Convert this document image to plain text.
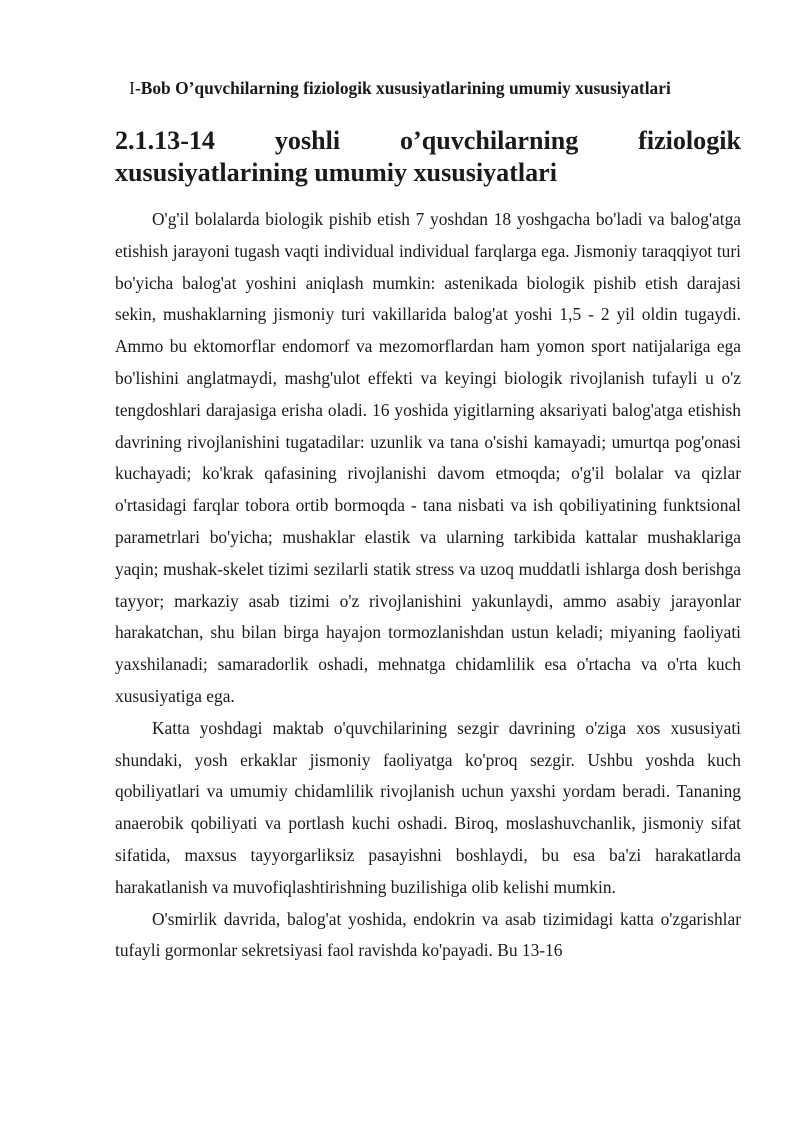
I-Bob O’quvchilarning fiziologik xususiyatlarining umumiy xususiyatlari
2.1.13-14 yoshli o’quvchilarning fiziologik xususiyatlarining umumiy xususiyatlari

O'g'il bolalarda biologik pishib etish 7 yoshdan 18 yoshgacha bo'ladi va balog'atga etishish jarayoni tugash vaqti individual individual farqlarga ega. Jismoniy taraqqiyot turi bo'yicha balog'at yoshini aniqlash mumkin: astenikada biologik pishib etish darajasi sekin, mushaklarning jismoniy turi vakillarida balog'at yoshi 1,5 - 2 yil oldin tugaydi. Ammo bu ektomorflar endomorf va mezomorflardan ham yomon sport natijalariga ega bo'lishini anglatmaydi, mashg'ulot effekti va keyingi biologik rivojlanish tufayli u o'z tengdoshlari darajasiga erisha oladi. 16 yoshida yigitlarning aksariyati balog'atga etishish davrining rivojlanishini tugatadilar: uzunlik va tana o'sishi kamayadi; umurtqa pog'onasi kuchayadi; ko'krak qafasining rivojlanishi davom etmoqda; o'g'il bolalar va qizlar o'rtasidagi farqlar tobora ortib bormoqda - tana nisbati va ish qobiliyatining funktsional parametrlari bo'yicha; mushaklar elastik va ularning tarkibida kattalar mushaklariga yaqin; mushak-skelet tizimi sezilarli statik stress va uzoq muddatli ishlarga dosh berishga tayyor; markaziy asab tizimi o'z rivojlanishini yakunlaydi, ammo asabiy jarayonlar harakatchan, shu bilan birga hayajon tormozlanishdan ustun keladi; miyaning faoliyati yaxshilanadi; samaradorlik oshadi, mehnatga chidamlilik esa o'rtacha va o'rta kuch xususiyatiga ega.

Katta yoshdagi maktab o'quvchilarining sezgir davrining o'ziga xos xususiyati shundaki, yosh erkaklar jismoniy faoliyatga ko'proq sezgir. Ushbu yoshda kuch qobiliyatlari va umumiy chidamlilik rivojlanish uchun yaxshi yordam beradi. Tananing anaerobik qobiliyati va portlash kuchi oshadi. Biroq, moslashuvchanlik, jismoniy sifat sifatida, maxsus tayyorgarliksiz pasayishni boshlaydi, bu esa ba'zi harakatlarda harakatlanish va muvofiqlashtirishning buzilishiga olib kelishi mumkin.

O'smirlik davrida, balog'at yoshida, endokrin va asab tizimidagi katta o'zgarishlar tufayli gormonlar sekretsiyasi faol ravishda ko'payadi. Bu 13-16
